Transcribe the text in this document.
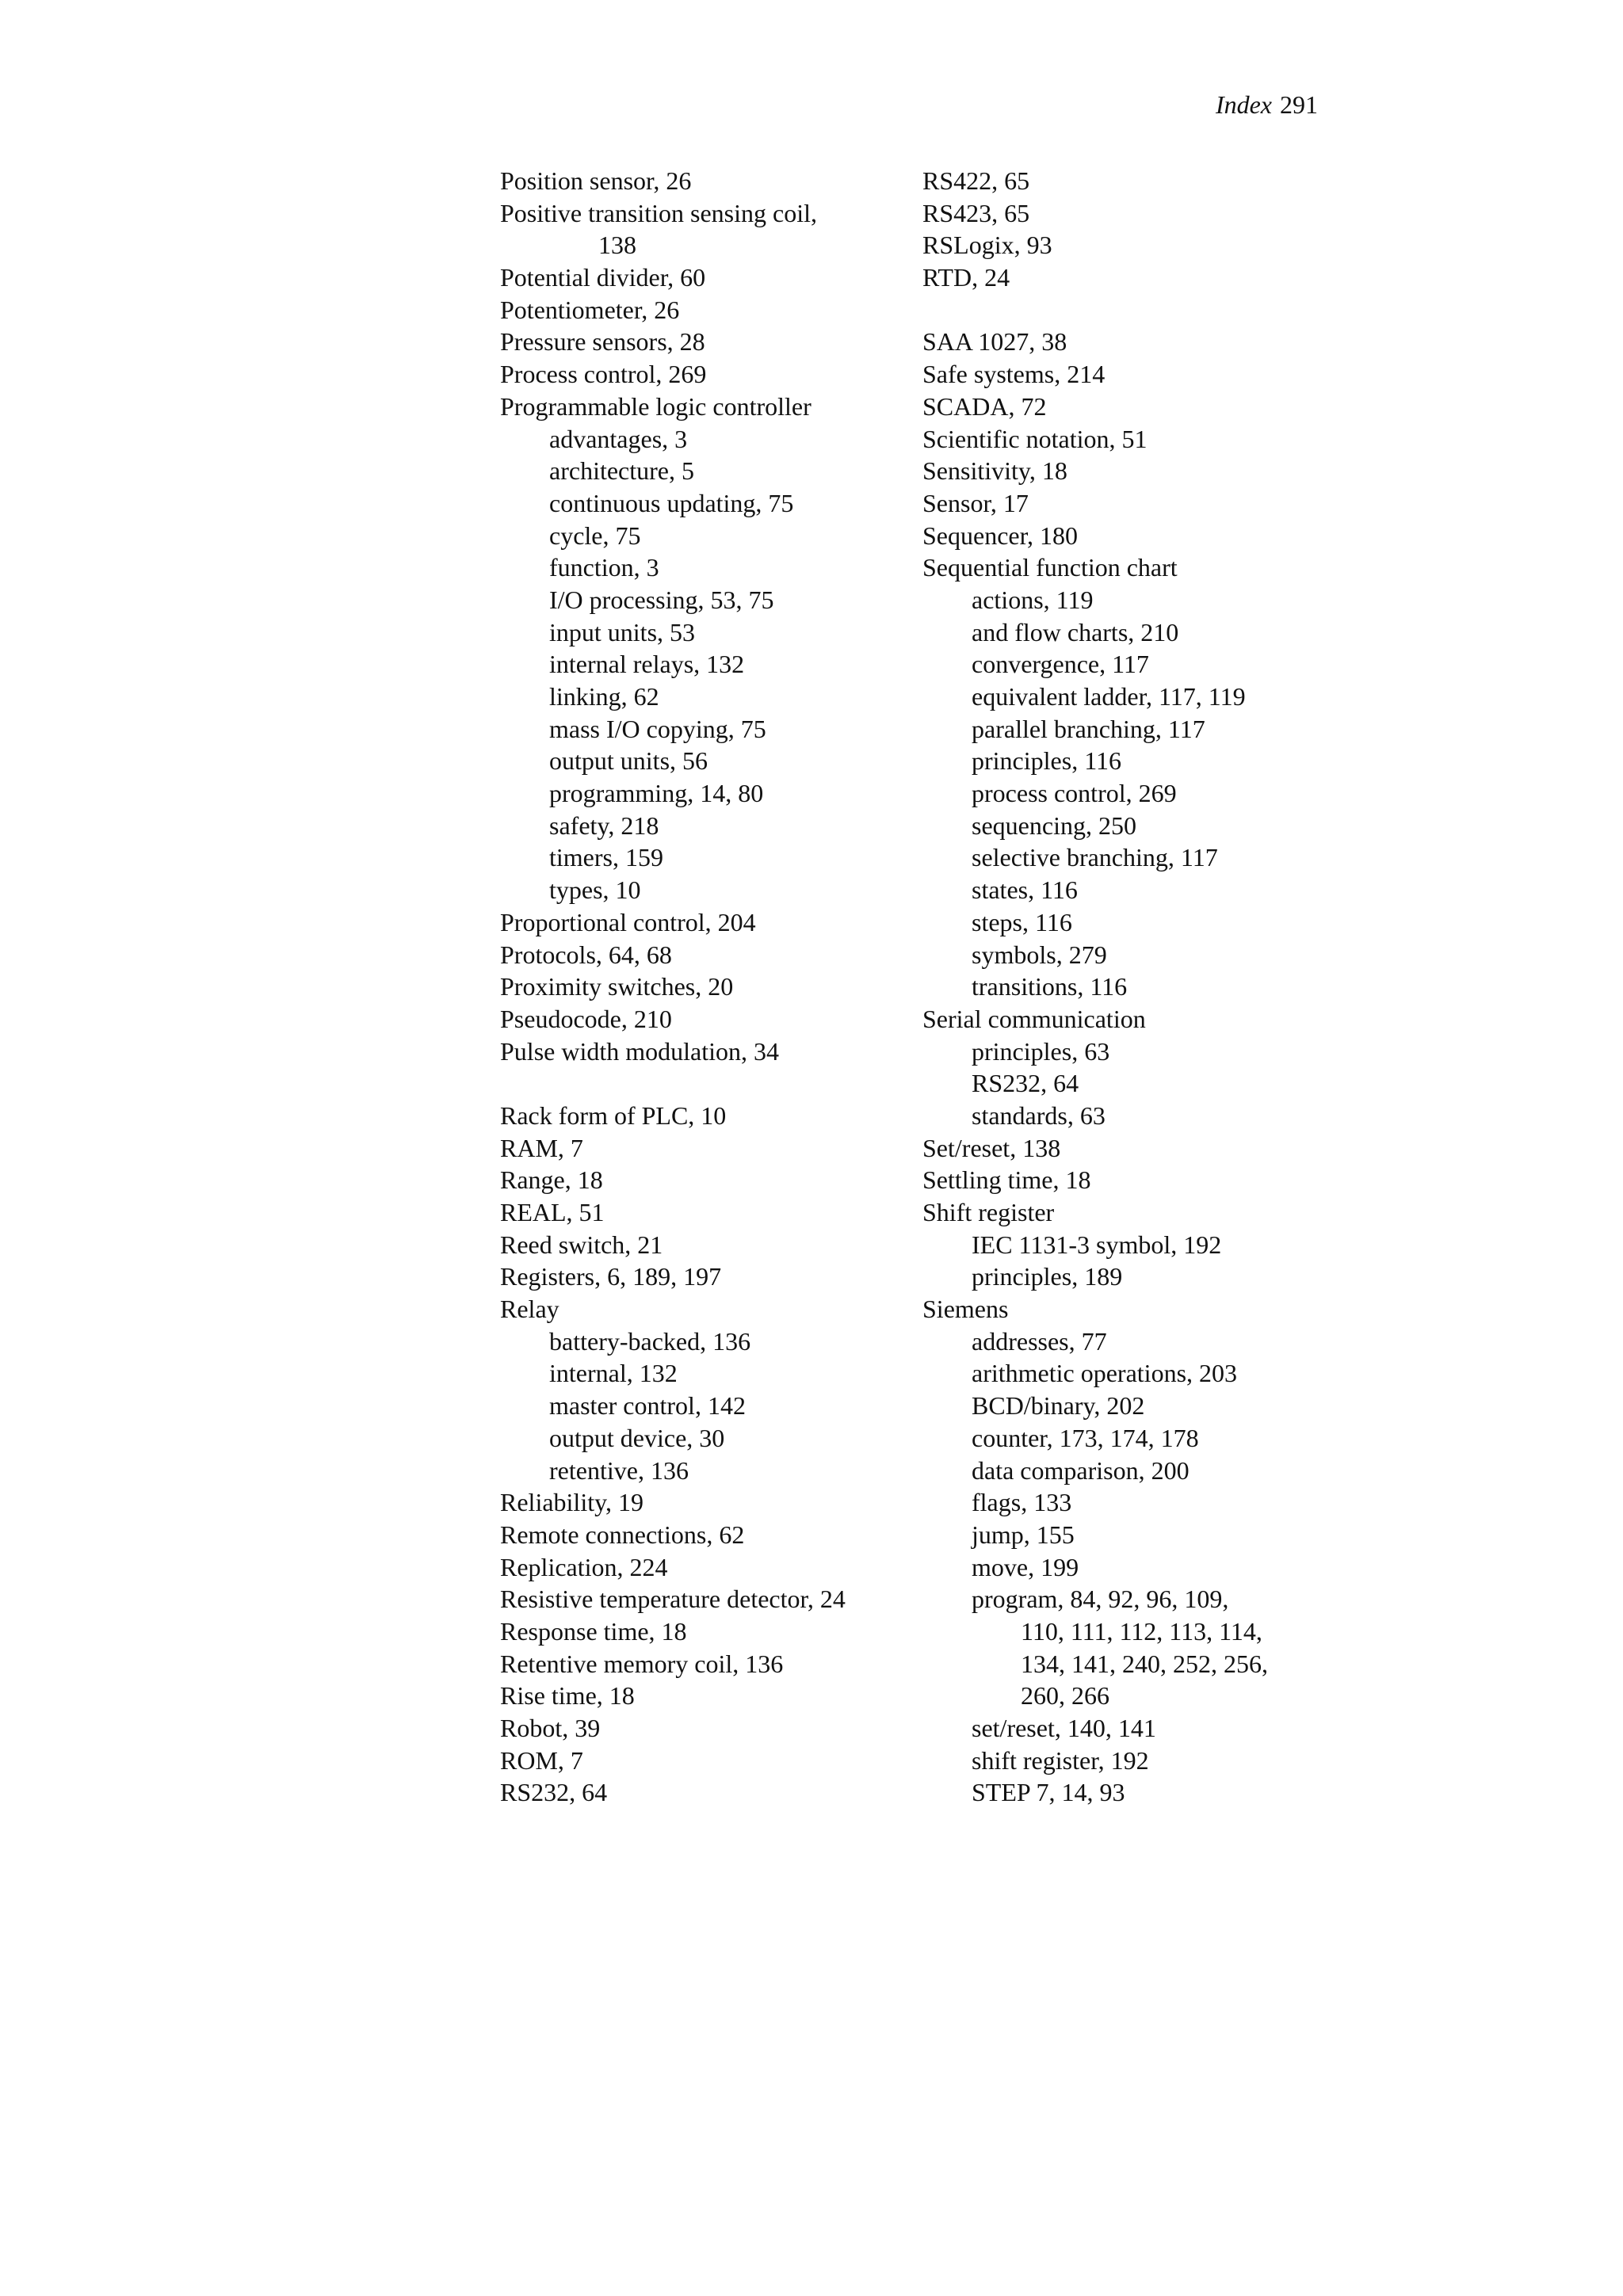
Index 291
Position sensor, 26
Positive transition sensing coil,
138
Potential divider, 60
Potentiometer, 26
Pressure sensors, 28
Process control, 269
Programmable logic controller
advantages, 3
architecture, 5
continuous updating, 75
cycle, 75
function, 3
I/O processing, 53, 75
input units, 53
internal relays, 132
linking, 62
mass I/O copying, 75
output units, 56
programming, 14, 80
safety, 218
timers, 159
types, 10
Proportional control, 204
Protocols, 64, 68
Proximity switches, 20
Pseudocode, 210
Pulse width modulation, 34
Rack form of PLC, 10
RAM, 7
Range, 18
REAL, 51
Reed switch, 21
Registers, 6, 189, 197
Relay
battery-backed, 136
internal, 132
master control, 142
output device, 30
retentive, 136
Reliability, 19
Remote connections, 62
Replication, 224
Resistive temperature detector, 24
Response time, 18
Retentive memory coil, 136
Rise time, 18
Robot, 39
ROM, 7
RS232, 64
RS422, 65
RS423, 65
RSLogix, 93
RTD, 24
SAA 1027, 38
Safe systems, 214
SCADA, 72
Scientific notation, 51
Sensitivity, 18
Sensor, 17
Sequencer, 180
Sequential function chart
actions, 119
and flow charts, 210
convergence, 117
equivalent ladder, 117, 119
parallel branching, 117
principles, 116
process control, 269
sequencing, 250
selective branching, 117
states, 116
steps, 116
symbols, 279
transitions, 116
Serial communication
principles, 63
RS232, 64
standards, 63
Set/reset, 138
Settling time, 18
Shift register
IEC 1131-3 symbol, 192
principles, 189
Siemens
addresses, 77
arithmetic operations, 203
BCD/binary, 202
counter, 173, 174, 178
data comparison, 200
flags, 133
jump, 155
move, 199
program, 84, 92, 96, 109,
110, 111, 112, 113, 114,
134, 141, 240, 252, 256,
260, 266
set/reset, 140, 141
shift register, 192
STEP 7, 14, 93
